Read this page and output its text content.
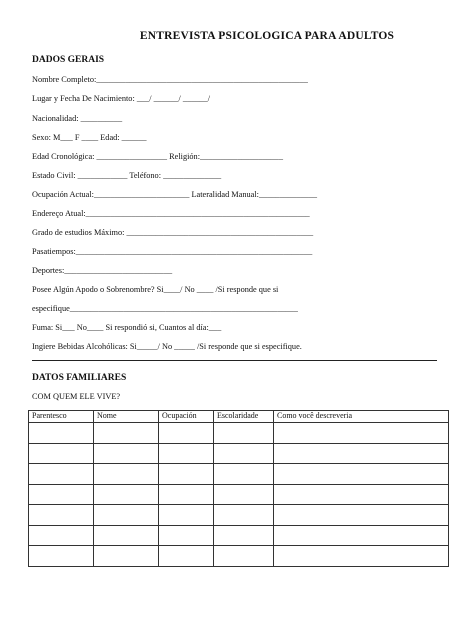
ENTREVISTA PSICOLOGICA PARA ADULTOS
DADOS GERAIS
Nombre Completo:___________________________________________________
Lugar y Fecha De Nacimiento: ___/ ______/ ______/
Nacionalidad: __________
Sexo: M___ F ____ Edad: ______
Edad Cronológica: _________________ Religión:____________________
Estado Civil: ____________ Teléfono: ______________
Ocupación Actual:_______________________ Lateralidad Manual:______________
Endereço Atual:______________________________________________________
Grado de estudios Máximo: _____________________________________________
Pasatiempos:_________________________________________________________
Deportes:__________________________
Posee Algún Apodo o Sobrenombre? Si____/ No ____ /Si responde que si
especifique_______________________________________________________
Fuma: Si___ No____ Si respondió si, Cuantos al día:___
Ingiere Bebidas Alcohólicas: Si_____/ No _____ /Si responde que si especifique.
DATOS FAMILIARES
COM QUEM ELE VIVE?
Parentesco	Nome	Ocupación	Escolaridade	Como você descreveria
